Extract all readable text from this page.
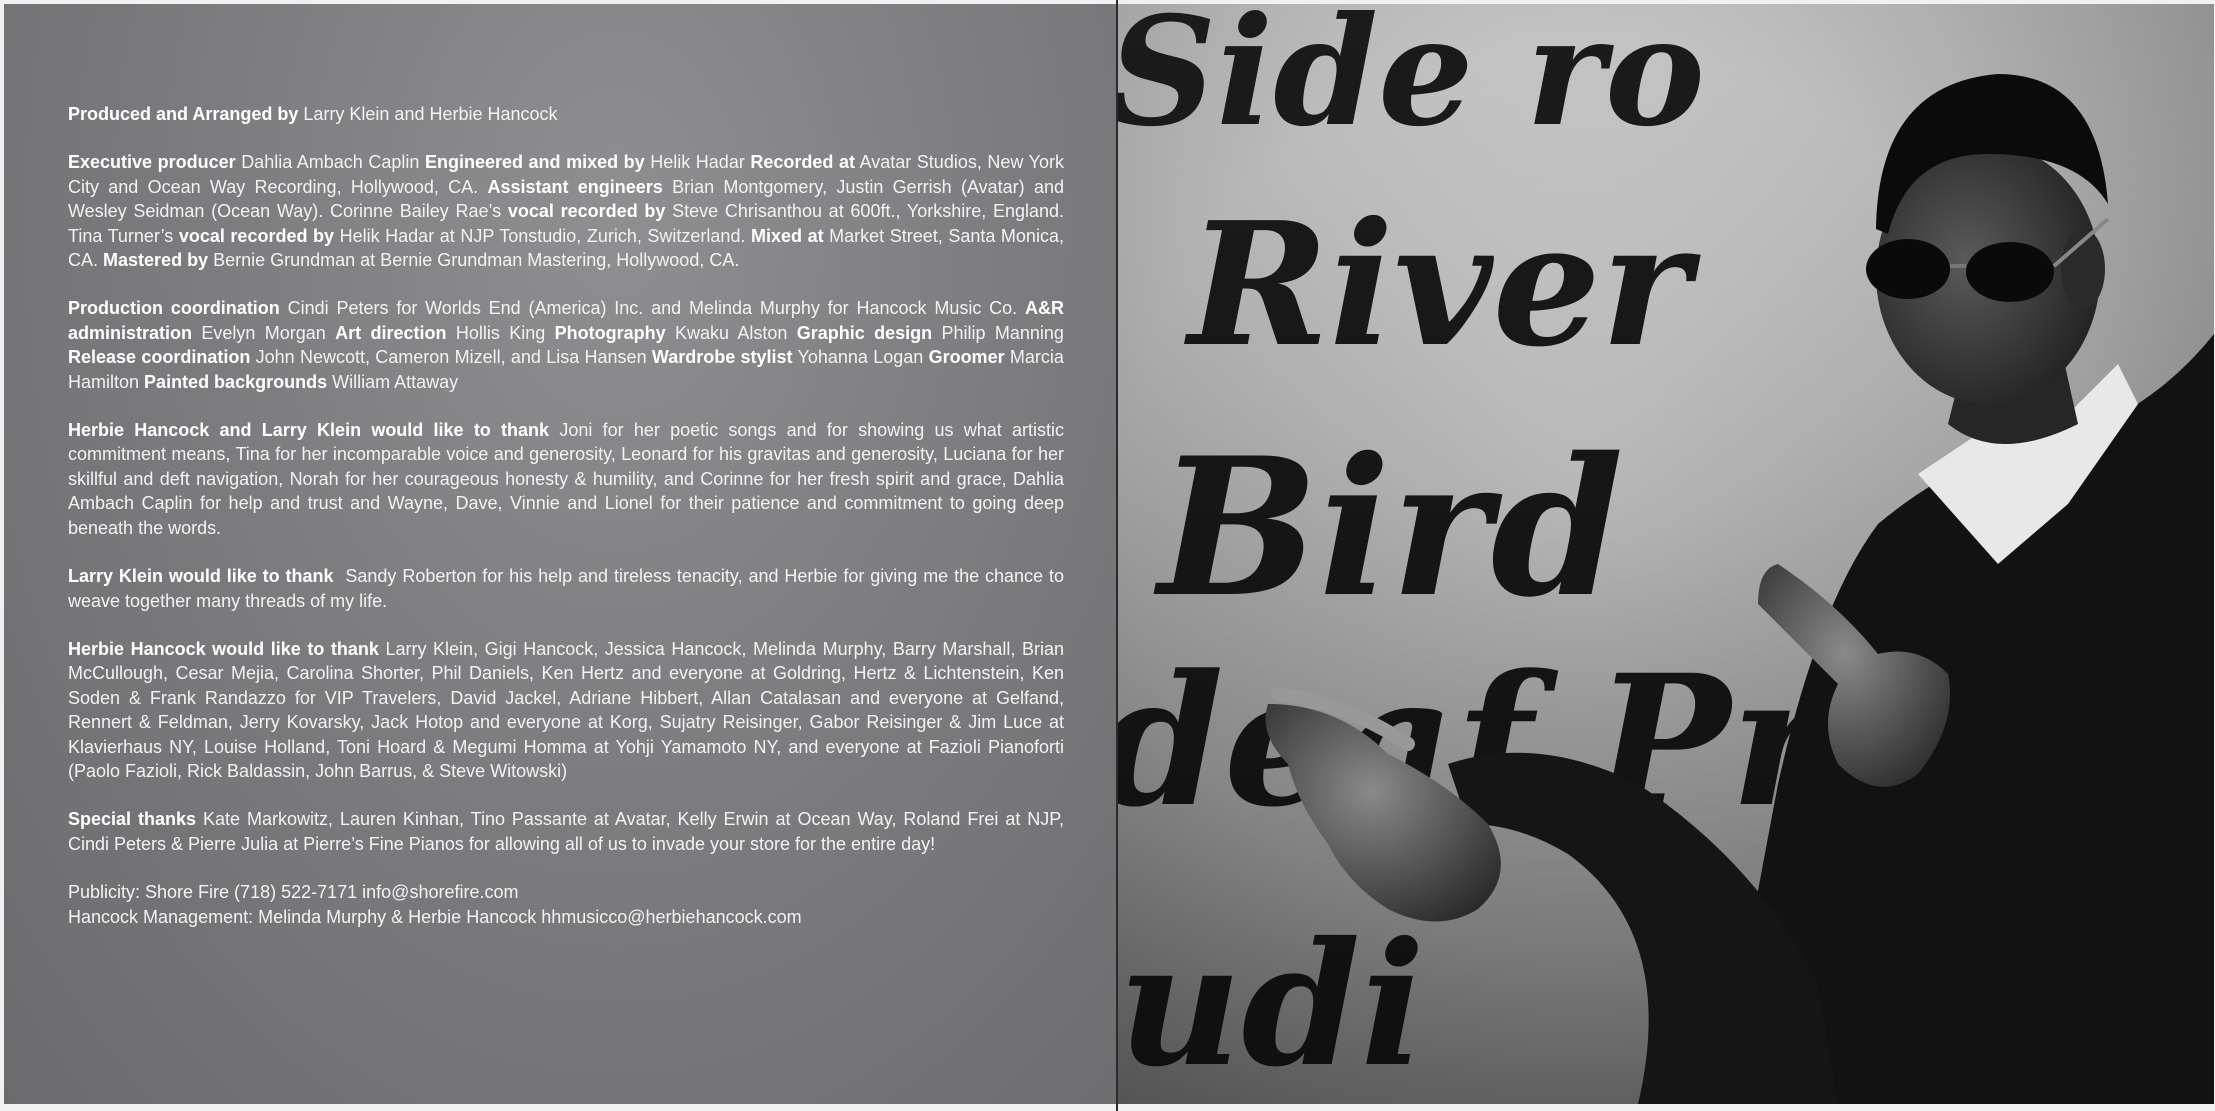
Produced and Arranged by Larry Klein and Herbie Hancock

Executive producer Dahlia Ambach Caplin Engineered and mixed by Helik Hadar Recorded at Avatar Studios, New York City and Ocean Way Recording, Hollywood, CA. Assistant engineers Brian Montgomery, Justin Gerrish (Avatar) and Wesley Seidman (Ocean Way). Corinne Bailey Rae’s vocal recorded by Steve Chrisanthou at 600ft., Yorkshire, England. Tina Turner’s vocal recorded by Helik Hadar at NJP Tonstudio, Zurich, Switzerland. Mixed at Market Street, Santa Monica, CA. Mastered by Bernie Grundman at Bernie Grundman Mastering, Hollywood, CA.

Production coordination Cindi Peters for Worlds End (America) Inc. and Melinda Murphy for Hancock Music Co. A&R administration Evelyn Morgan Art direction Hollis King Photography Kwaku Alston Graphic design Philip Manning Release coordination John Newcott, Cameron Mizell, and Lisa Hansen Wardrobe stylist Yohanna Logan Groomer Marcia Hamilton Painted backgrounds William Attaway

Herbie Hancock and Larry Klein would like to thank Joni for her poetic songs and for showing us what artistic commitment means, Tina for her incomparable voice and generosity, Leonard for his gravitas and generosity, Luciana for her skillful and deft navigation, Norah for her courageous honesty & humility, and Corinne for her fresh spirit and grace, Dahlia Ambach Caplin for help and trust and Wayne, Dave, Vinnie and Lionel for their patience and commitment to going deep beneath the words.

Larry Klein would like to thank Sandy Roberton for his help and tireless tenacity, and Herbie for giving me the chance to weave together many threads of my life.

Herbie Hancock would like to thank Larry Klein, Gigi Hancock, Jessica Hancock, Melinda Murphy, Barry Marshall, Brian McCullough, Cesar Mejia, Carolina Shorter, Phil Daniels, Ken Hertz and everyone at Goldring, Hertz & Lichtenstein, Ken Soden & Frank Randazzo for VIP Travelers, David Jackel, Adriane Hibbert, Allan Catalasan and everyone at Gelfand, Rennert & Feldman, Jerry Kovarsky, Jack Hotop and everyone at Korg, Sujatry Reisinger, Gabor Reisinger & Jim Luce at Klavierhaus NY, Louise Holland, Toni Hoard & Megumi Homma at Yohji Yamamoto NY, and everyone at Fazioli Pianoforti (Paolo Fazioli, Rick Baldassin, John Barrus, & Steve Witowski)

Special thanks Kate Markowitz, Lauren Kinhan, Tino Passante at Avatar, Kelly Erwin at Ocean Way, Roland Frei at NJP, Cindi Peters & Pierre Julia at Pierre’s Fine Pianos for allowing all of us to invade your store for the entire day!

Publicity: Shore Fire (718) 522-7171 info@shorefire.com

Hancock Management: Melinda Murphy & Herbie Hancock hhmusicco@herbiehancock.com
